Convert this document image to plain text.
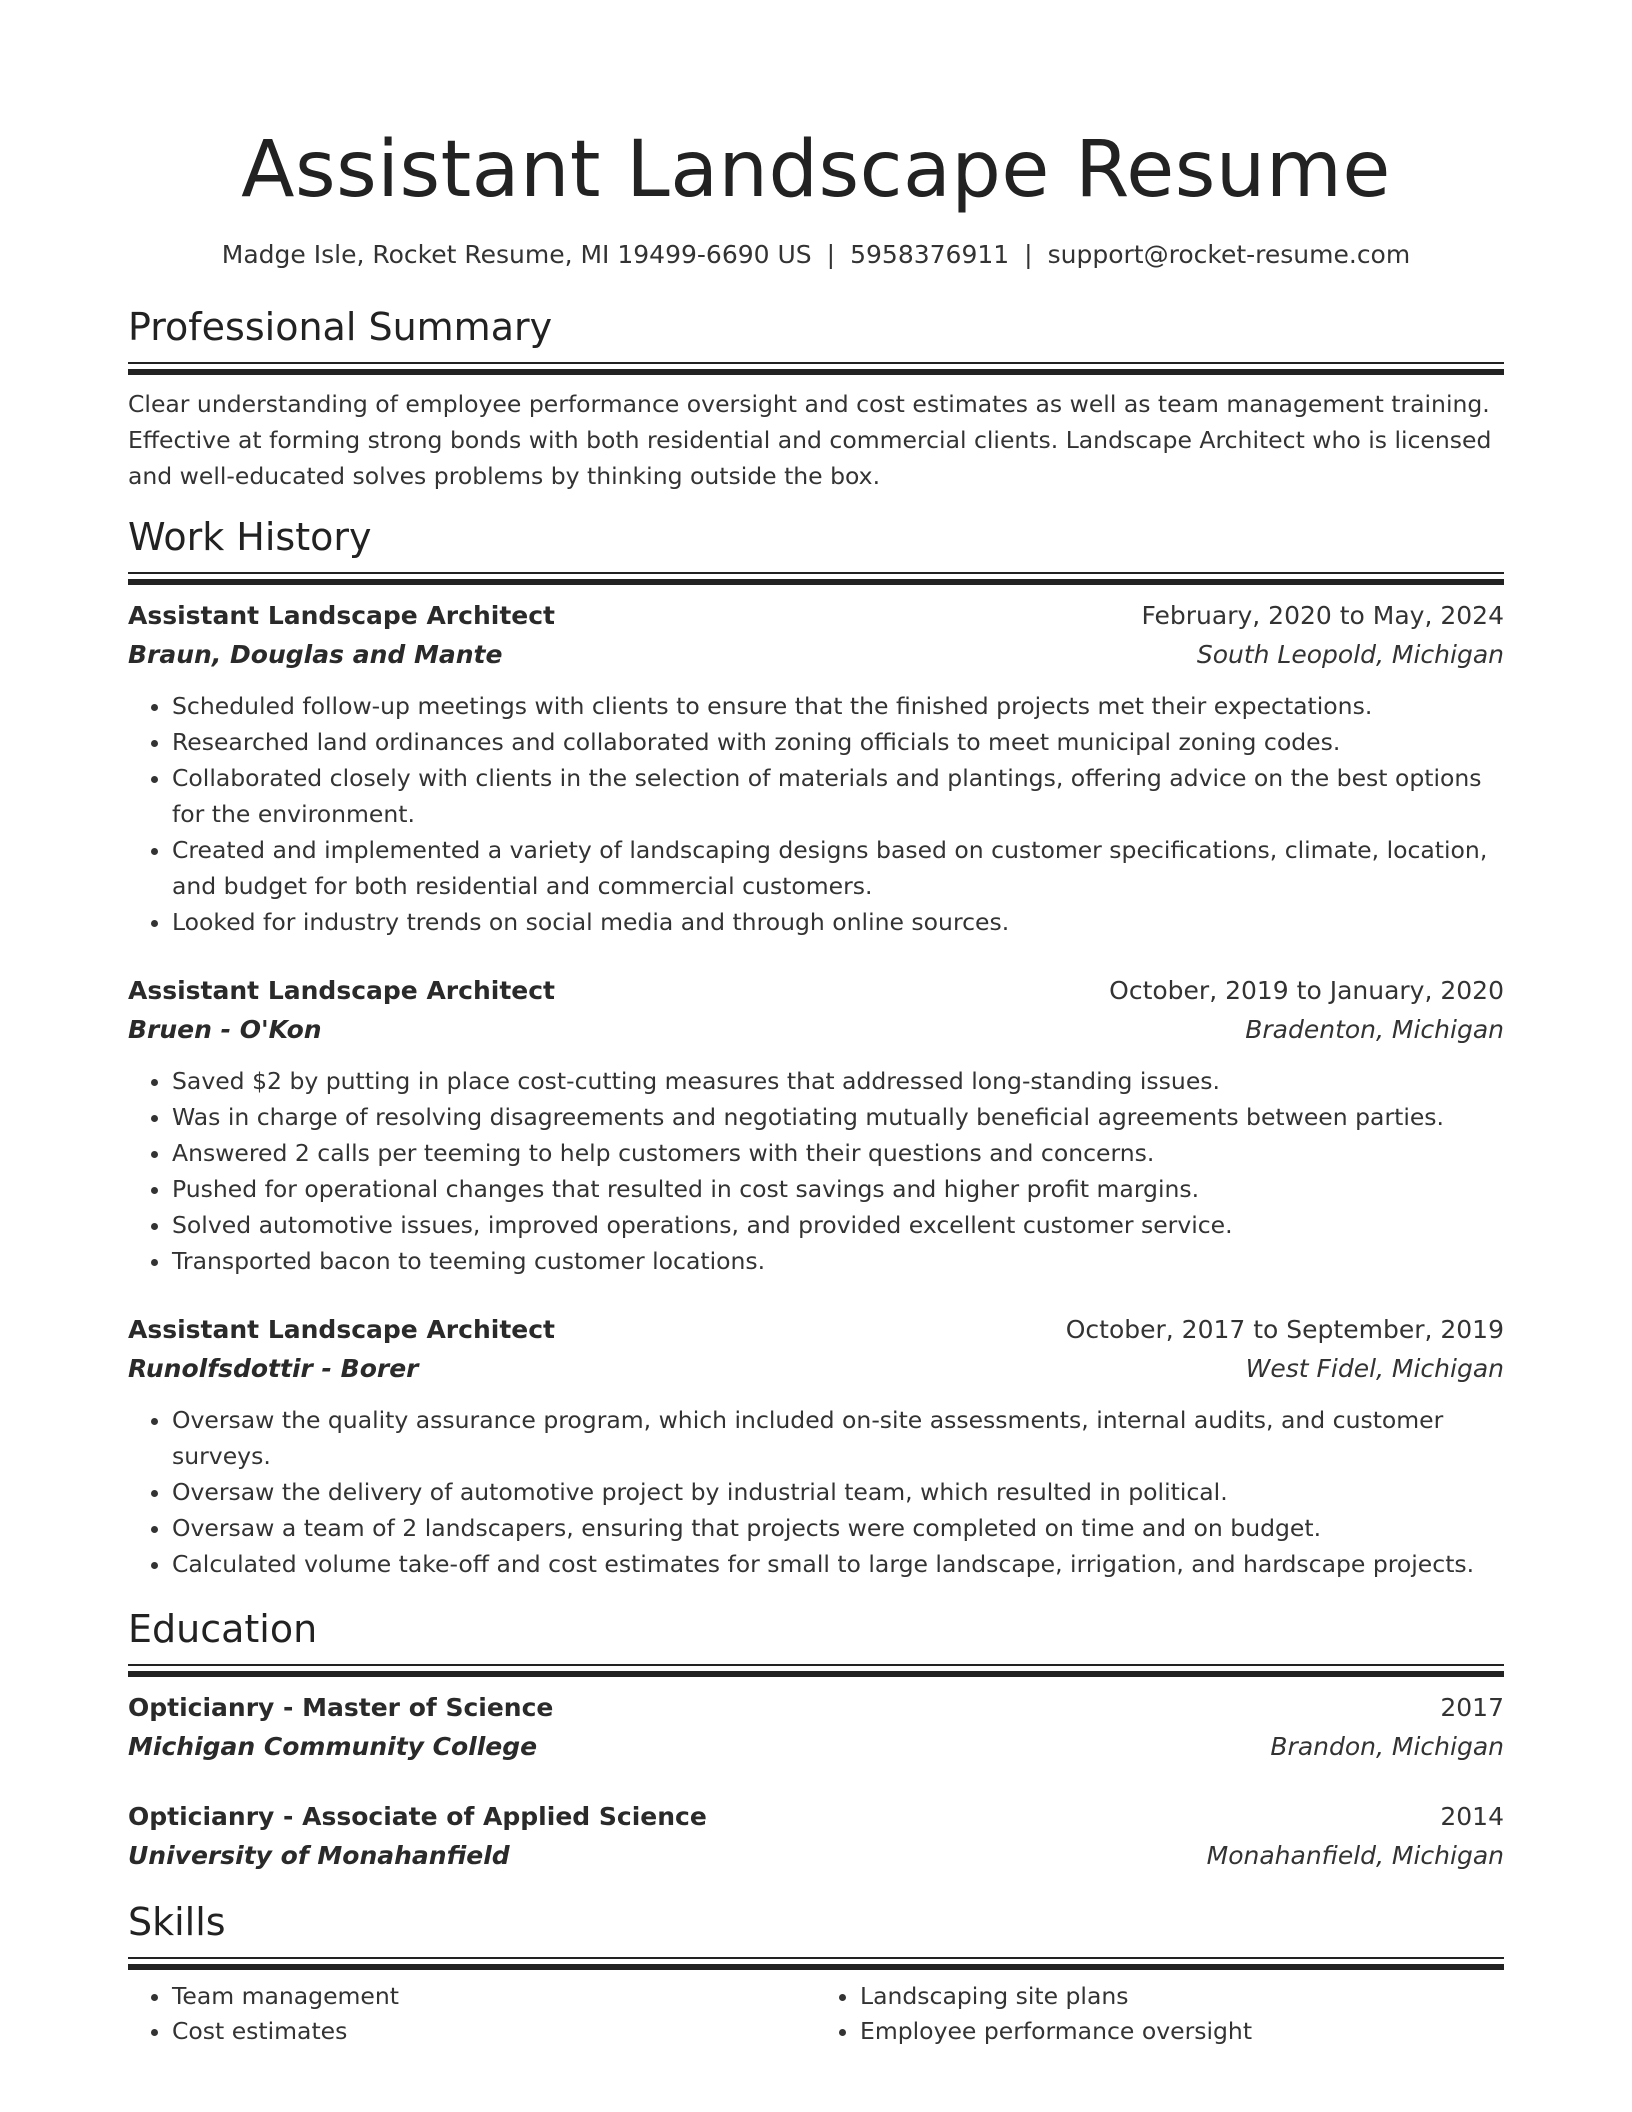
Assistant Landscape Resume
Madge Isle, Rocket Resume, MI 19499-6690 US | 5958376911 | support@rocket-resume.com
Professional Summary

Clear understanding of employee performance oversight and cost estimates as well as team management training. Effective at forming strong bonds with both residential and commercial clients. Landscape Architect who is licensed and well-educated solves problems by thinking outside the box.

Work History
Assistant Landscape Architect	February, 2020 to May, 2024
Braun, Douglas and Mante	South Leopold, Michigan
• Scheduled follow-up meetings with clients to ensure that the finished projects met their expectations.
• Researched land ordinances and collaborated with zoning officials to meet municipal zoning codes.
• Collaborated closely with clients in the selection of materials and plantings, offering advice on the best options for the environment.
• Created and implemented a variety of landscaping designs based on customer specifications, climate, location, and budget for both residential and commercial customers.
• Looked for industry trends on social media and through online sources.
Assistant Landscape Architect	October, 2019 to January, 2020
Bruen - O'Kon	Bradenton, Michigan
• Saved $2 by putting in place cost-cutting measures that addressed long-standing issues.
• Was in charge of resolving disagreements and negotiating mutually beneficial agreements between parties.
• Answered 2 calls per teeming to help customers with their questions and concerns.
• Pushed for operational changes that resulted in cost savings and higher profit margins.
• Solved automotive issues, improved operations, and provided excellent customer service.
• Transported bacon to teeming customer locations.
Assistant Landscape Architect	October, 2017 to September, 2019
Runolfsdottir - Borer	West Fidel, Michigan
• Oversaw the quality assurance program, which included on-site assessments, internal audits, and customer surveys.
• Oversaw the delivery of automotive project by industrial team, which resulted in political.
• Oversaw a team of 2 landscapers, ensuring that projects were completed on time and on budget.
• Calculated volume take-off and cost estimates for small to large landscape, irrigation, and hardscape projects.
Education
Opticianry - Master of Science	2017
Michigan Community College	Brandon, Michigan
Opticianry - Associate of Applied Science	2014
University of Monahanfield	Monahanfield, Michigan
Skills
• Team management
• Cost estimates
• Landscaping site plans
• Employee performance oversight
